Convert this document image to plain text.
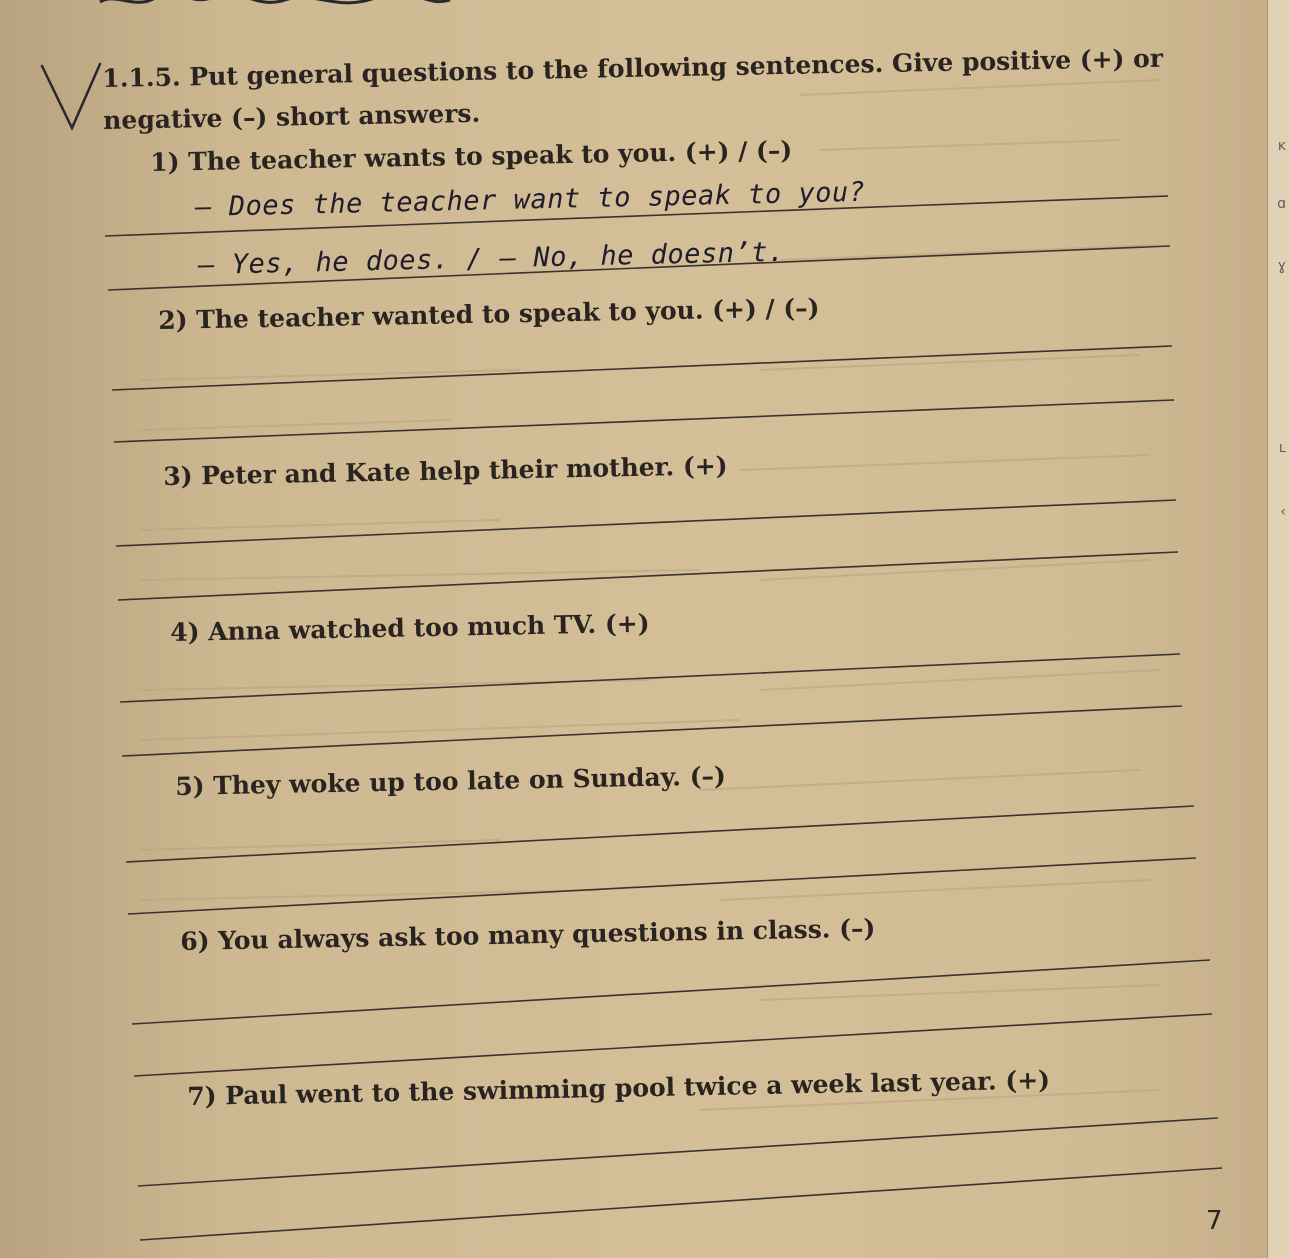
1.1.5. Put general questions to the following sentences. Give positive (+) or
negative (–) short answers.
1) The teacher wants to speak to you. (+) / (–)
2) The teacher wanted to speak to you. (+) / (–)
3) Peter and Kate help their mother. (+)
4) Anna watched too much TV. (+)
5) They woke up too late on Sunday. (–)
6) You always ask too many questions in class. (–)
7) Paul went to the swimming pool twice a week last year. (+)
– Does the teacher want to speak to you?
– Yes, he does. / – No, he doesn’t.
7
ĸ
ɑ
ɣ
ʟ
‹
